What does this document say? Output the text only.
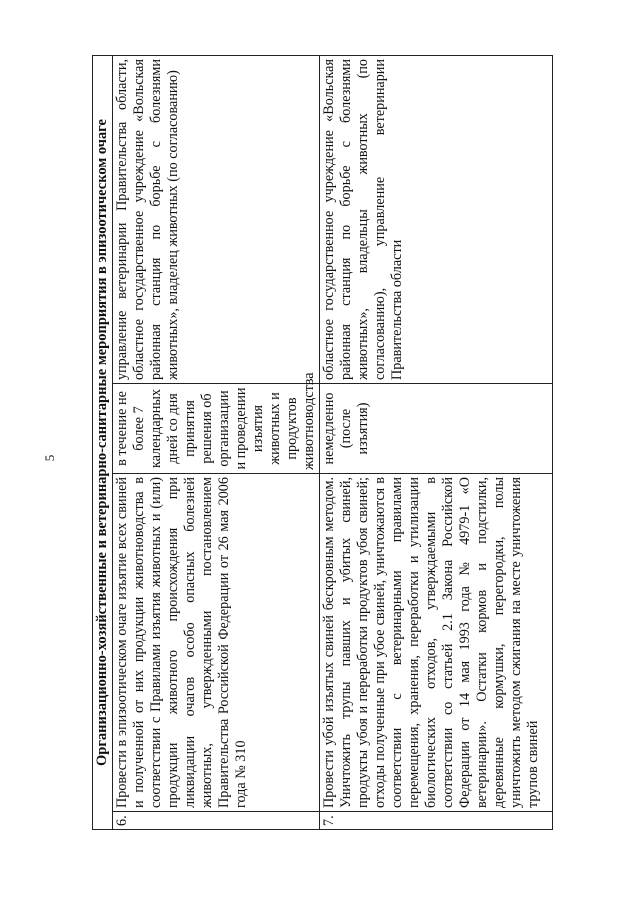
5	Организационно-хозяйственные и ветеринарно-санитарные мероприятия в эпизоотическом очаге			
6.	Провести в эпизоотическом очаге изъятие всех свиней и полученной от них продукции животноводства в соответствии с Правилами изъятия животных и (или) продукции животного происхождения при ликвидации очагов особо опасных болезней животных, утвержденными постановлением Правительства Российской Федерации от 26 мая 2006 года № 310	в течение не более 7 календарных дней со дня принятия решения об организации и проведении изъятия животных и продуктов животноводства	управление ветеринарии Правительства области, областное государственное учреждение «Вольская районная станция по борьбе с болезнями животных», владелец животных (по согласованию)
7.	Провести убой изъятых свиней бескровным методом. Уничтожить трупы павших и убитых свиней, продукты убоя и переработки продуктов убоя свиней; отходы полученные при убое свиней, уничтожаются в соответствии с ветеринарными правилами перемещения, хранения, переработки и утилизации биологических отходов, утверждаемыми в соответствии со статьей 2.1 Закона Российской Федерации от 14 мая 1993 года № 4979-1 «О ветеринарии». Остатки кормов и подстилки, деревянные кормушки, перегородки, полы уничтожить методом сжигания на месте уничтожения трупов свиней	немедленно (после изъятия)	областное государственное учреждение «Вольская районная станция по борьбе с болезнями животных», владельцы животных (по согласованию), управление ветеринарии Правительства области
